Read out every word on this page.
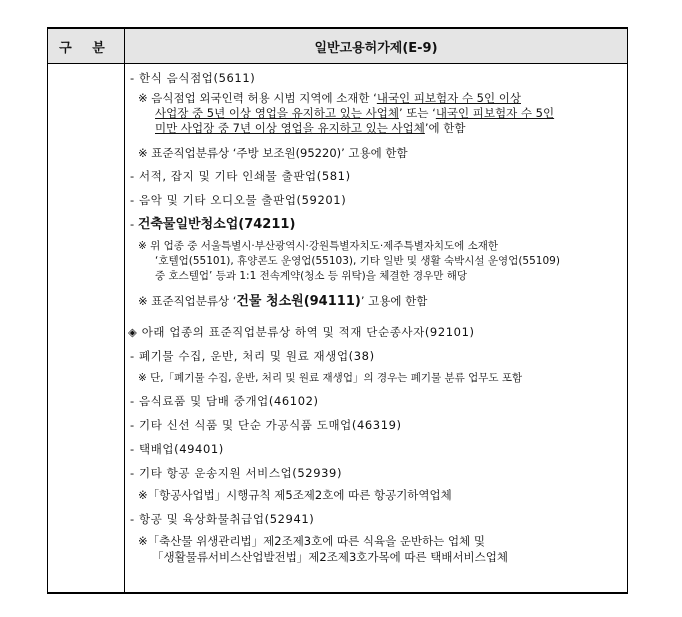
구 분	일반고용허가제(E-9)
- 한식 음식점업(5611)
※ 음식점업 외국인력 허용 시범 지역에 소재한 ‘내국인 피보험자 수 5인 이상
사업장 중 5년 이상 영업을 유지하고 있는 사업체’ 또는 ‘내국인 피보험자 수 5인
미만 사업장 중 7년 이상 영업을 유지하고 있는 사업체’에 한함
※ 표준직업분류상 ‘주방 보조원(95220)’ 고용에 한함
- 서적, 잡지 및 기타 인쇄물 출판업(581)
- 음악 및 기타 오디오물 출판업(59201)
- 건축물일반청소업(74211)
※ 위 업종 중 서울특별시·부산광역시·강원특별자치도·제주특별자치도에 소재한
‘호텔업(55101), 휴양콘도 운영업(55103), 기타 일반 및 생활 숙박시설 운영업(55109)
중 호스텔업’ 등과 1:1 전속계약(청소 등 위탁)을 체결한 경우만 해당
※ 표준직업분류상 ‘건물 청소원(94111)’ 고용에 한함
◈ 아래 업종의 표준직업분류상 하역 및 적재 단순종사자(92101)
- 폐기물 수집, 운반, 처리 및 원료 재생업(38)
※ 단,「폐기물 수집, 운반, 처리 및 원료 재생업」의 경우는 폐기물 분류 업무도 포함
- 음식료품 및 담배 중개업(46102)
- 기타 신선 식품 및 단순 가공식품 도매업(46319)
- 택배업(49401)
- 기타 항공 운송지원 서비스업(52939)
※「항공사업법」시행규칙 제5조제2호에 따른 항공기하역업체
- 항공 및 육상화물취급업(52941)
※「축산물 위생관리법」제2조제3호에 따른 식육을 운반하는 업체 및
「생활물류서비스산업발전법」제2조제3호가목에 따른 택배서비스업체
